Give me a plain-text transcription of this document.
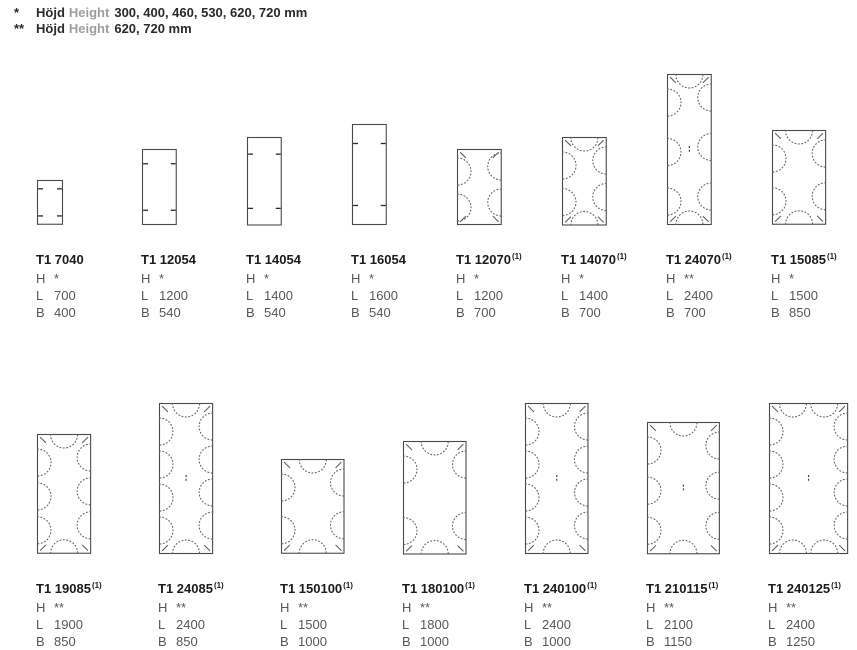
* Höjd Height 300, 400, 460, 530, 620, 720 mm
** Höjd Height 620, 720 mm
T1 7040
H *
L 700
B 400
T1 12054
H *
L 1200
B 540
T1 14054
H *
L 1400
B 540
T1 16054
H *
L 1600
B 540
T1 12070$^{(1)}$
H *
L 1200
B 700
T1 14070$^{(1)}$
H *
L 1400
B 700
T1 24070$^{(1)}$
H **
L 2400
B 700
T1 15085$^{(1)}$
H *
L 1500
B 850
T1 19085$^{(1)}$
H **
L 1900
B 850
T1 24085$^{(1)}$
H **
L 2400
B 850
T1 150100$^{(1)}$
H **
L 1500
B 1000
T1 180100$^{(1)}$
H **
L 1800
B 1000
T1 240100$^{(1)}$
H **
L 2400
B 1000
T1 210115$^{(1)}$
H **
L 2100
B 1150
T1 240125$^{(1)}$
H **
L 2400
B 1250
